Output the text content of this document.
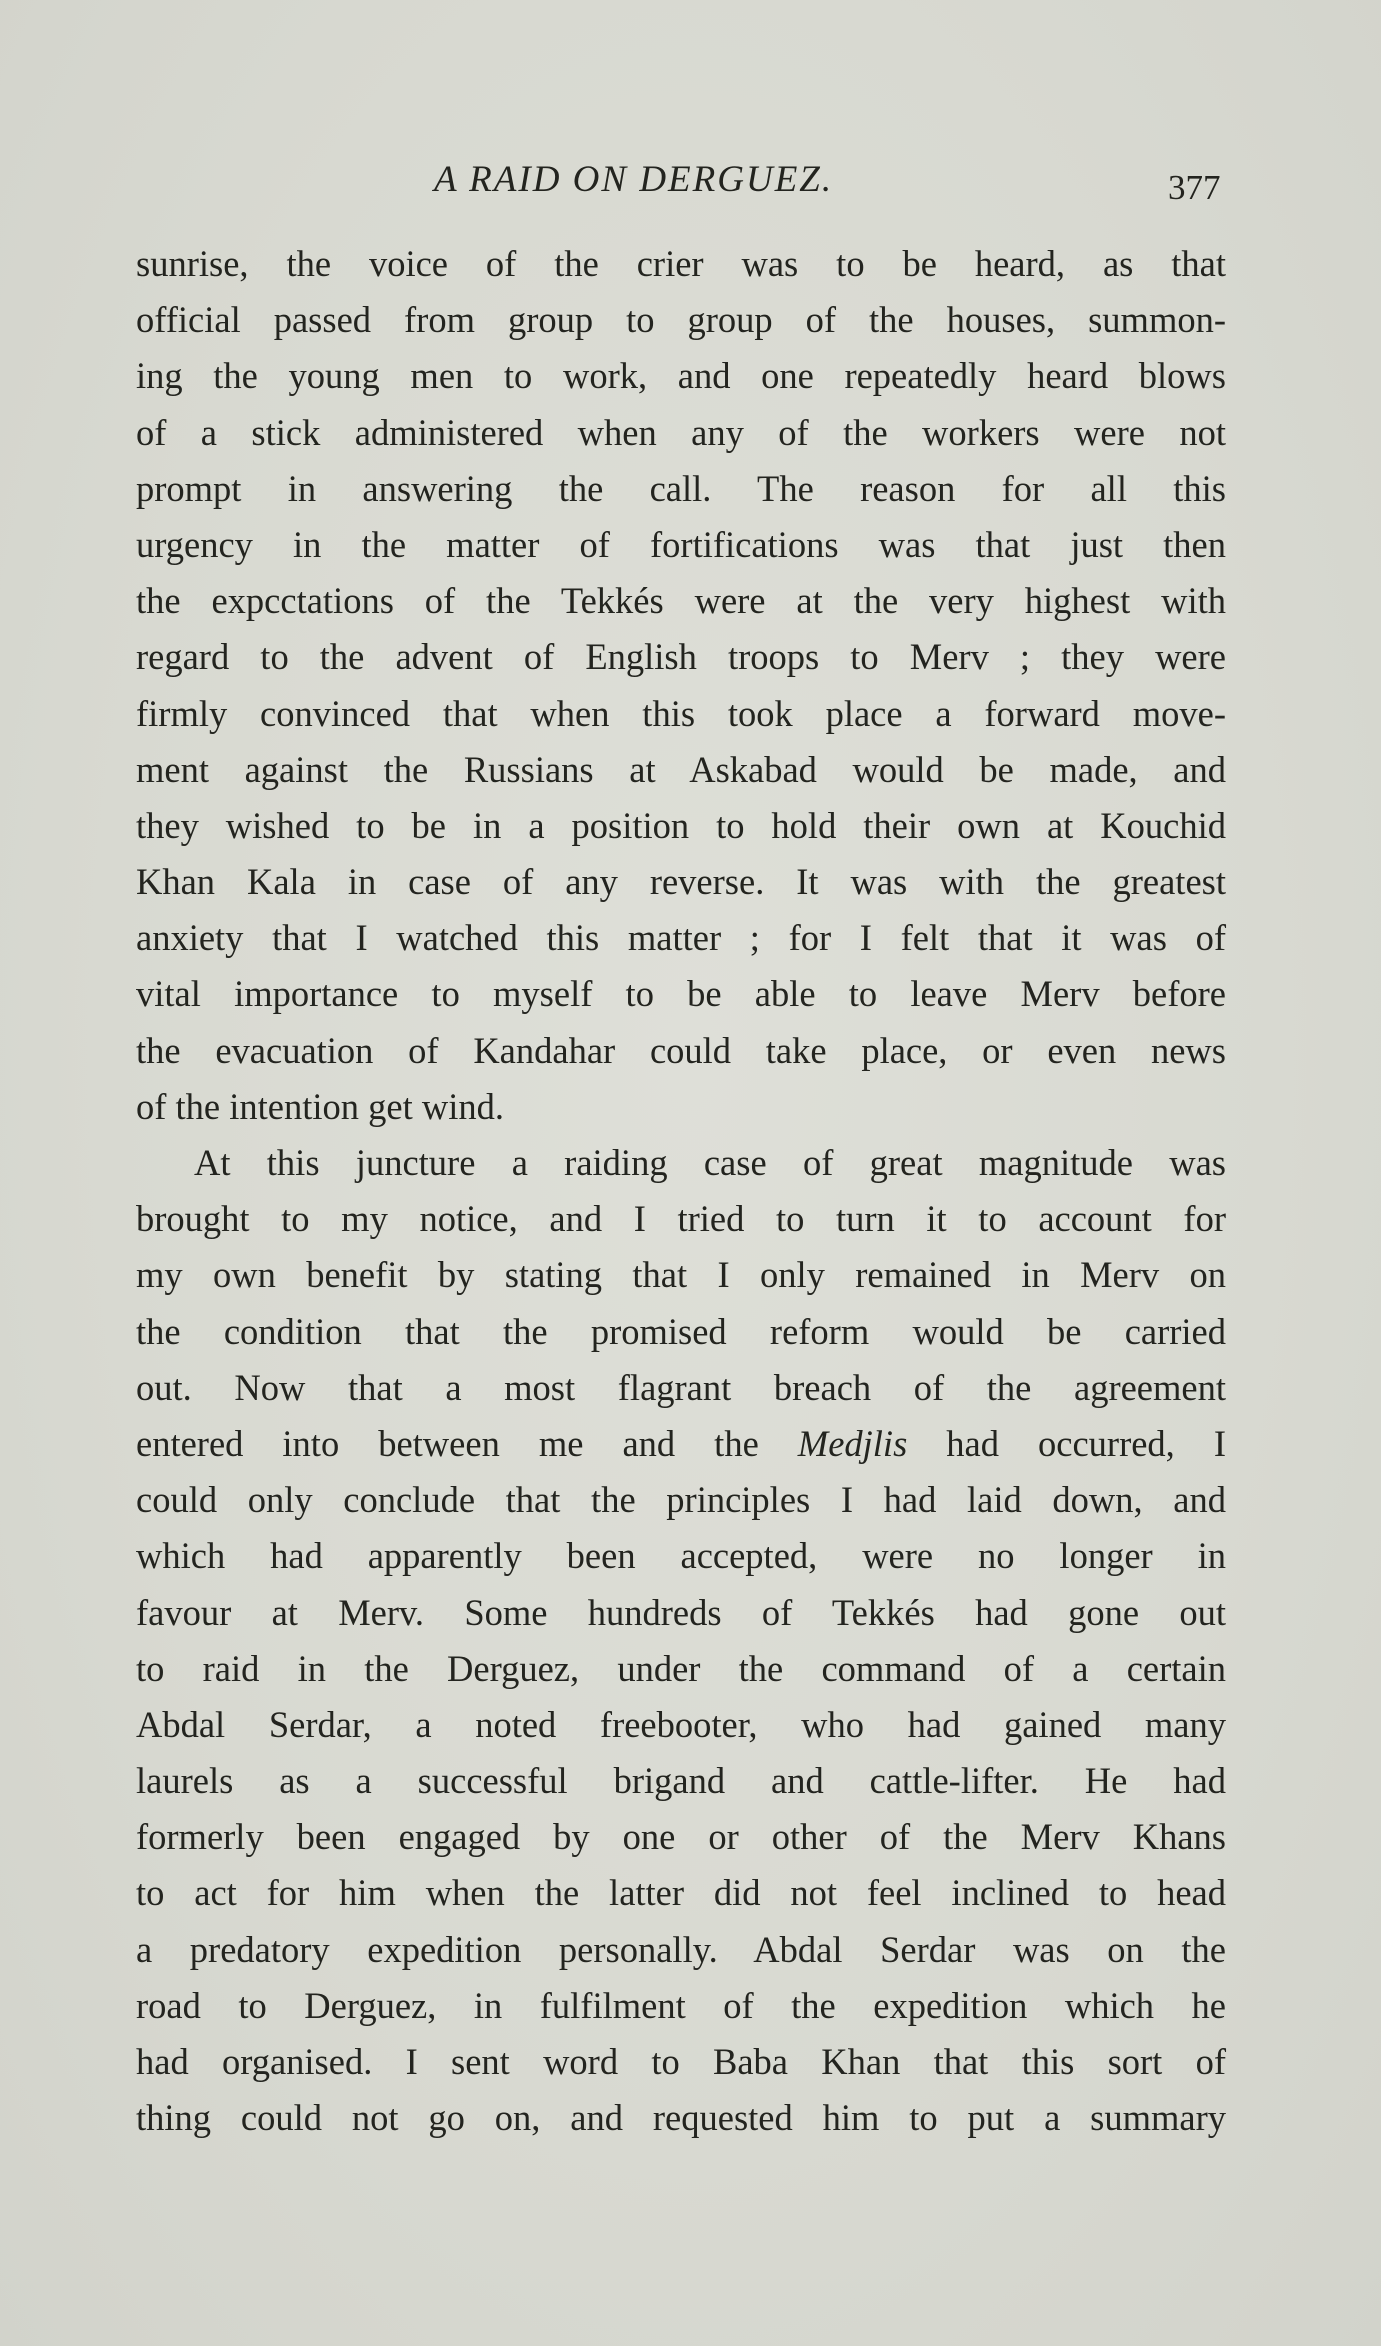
A RAID ON DERGUEZ.	377
sunrise, the voice of the crier was to be heard, as that
official passed from group to group of the houses, summon-
ing the young men to work, and one repeatedly heard blows
of a stick administered when any of the workers were not
prompt in answering the call. The reason for all this
urgency in the matter of fortifications was that just then
the expcctations of the Tekkés were at the very highest with
regard to the advent of English troops to Merv ; they were
firmly convinced that when this took place a forward move-
ment against the Russians at Askabad would be made, and
they wished to be in a position to hold their own at Kouchid
Khan Kala in case of any reverse. It was with the greatest
anxiety that I watched this matter ; for I felt that it was of
vital importance to myself to be able to leave Merv before
the evacuation of Kandahar could take place, or even news
of the intention get wind.
At this juncture a raiding case of great magnitude was
brought to my notice, and I tried to turn it to account for
my own benefit by stating that I only remained in Merv on
the condition that the promised reform would be carried
out. Now that a most flagrant breach of the agreement
entered into between me and the Medjlis had occurred, I
could only conclude that the principles I had laid down, and
which had apparently been accepted, were no longer in
favour at Merv. Some hundreds of Tekkés had gone out
to raid in the Derguez, under the command of a certain
Abdal Serdar, a noted freebooter, who had gained many
laurels as a successful brigand and cattle-lifter. He had
formerly been engaged by one or other of the Merv Khans
to act for him when the latter did not feel inclined to head
a predatory expedition personally. Abdal Serdar was on the
road to Derguez, in fulfilment of the expedition which he
had organised. I sent word to Baba Khan that this sort of
thing could not go on, and requested him to put a summary
